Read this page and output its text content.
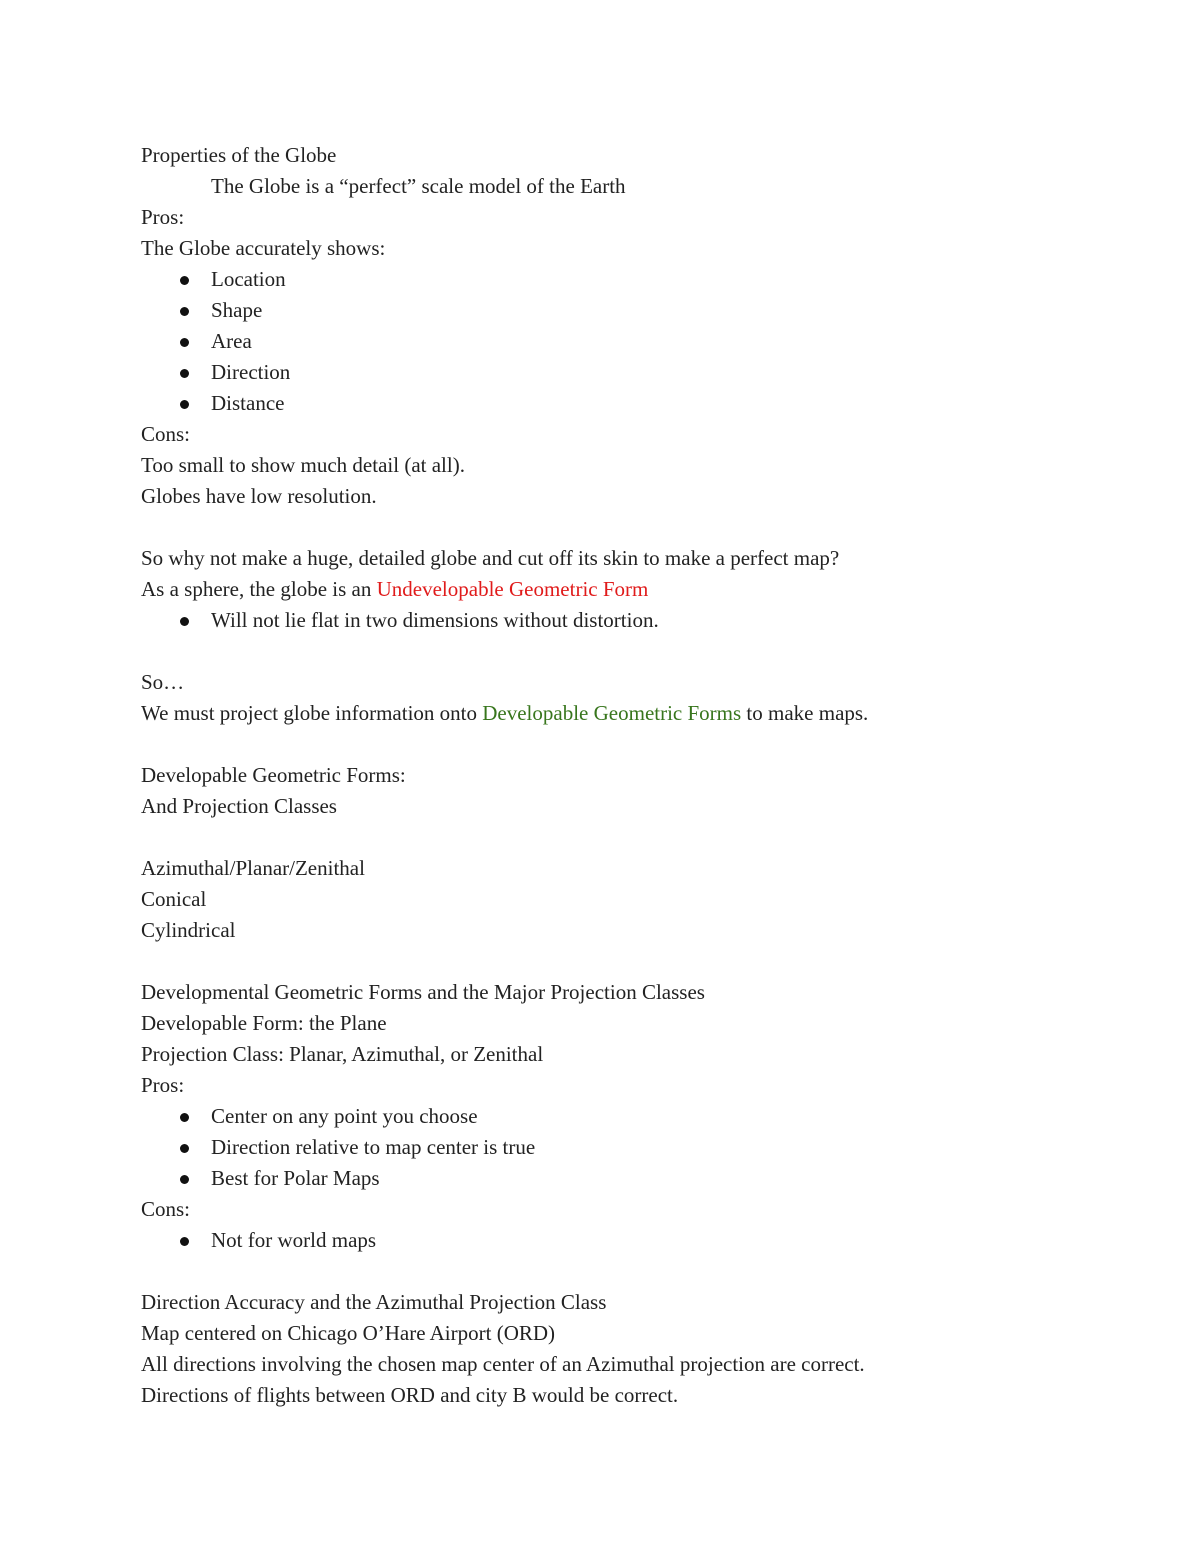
Properties of the Globe
The Globe is a “perfect” scale model of the Earth
Pros:
The Globe accurately shows:
Location
Shape
Area
Direction
Distance
Cons:
Too small to show much detail (at all).
Globes have low resolution.
So why not make a huge, detailed globe and cut off its skin to make a perfect map?
As a sphere, the globe is an Undevelopable Geometric Form
Will not lie flat in two dimensions without distortion.
So…
We must project globe information onto Developable Geometric Forms to make maps.
Developable Geometric Forms:
And Projection Classes
Azimuthal/Planar/Zenithal
Conical
Cylindrical
Developmental Geometric Forms and the Major Projection Classes
Developable Form: the Plane
Projection Class: Planar, Azimuthal, or Zenithal
Pros:
Center on any point you choose
Direction relative to map center is true
Best for Polar Maps
Cons:
Not for world maps
Direction Accuracy and the Azimuthal Projection Class
Map centered on Chicago O’Hare Airport (ORD)
All directions involving the chosen map center of an Azimuthal projection are correct.
Directions of flights between ORD and city B would be correct.
